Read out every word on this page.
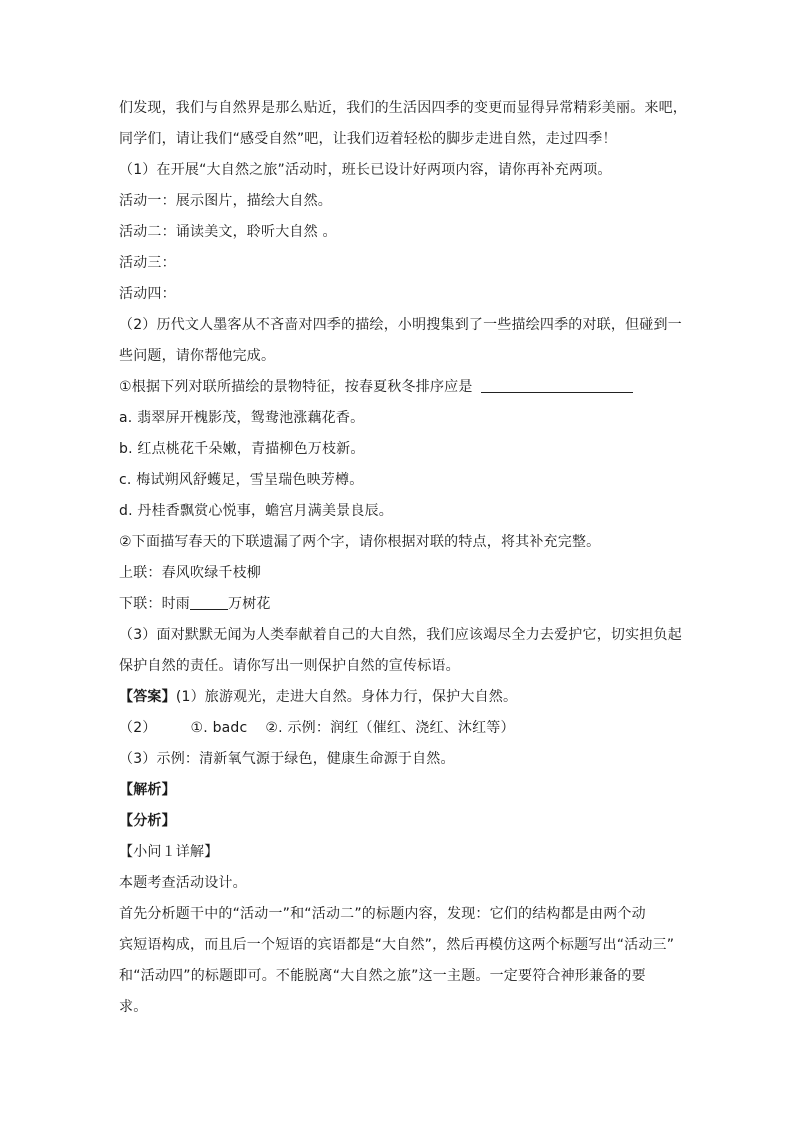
们发现，我们与自然界是那么贴近，我们的生活因四季的变更而显得异常精彩美丽。来吧，
同学们，请让我们“感受自然”吧，让我们迈着轻松的脚步走进自然，走过四季！
（1）在开展“大自然之旅”活动时，班长已设计好两项内容，请你再补充两项。
活动一：展示图片，描绘大自然。
活动二：诵读美文，聆听大自然 。
活动三：
活动四：
（2）历代文人墨客从不吝啬对四季的描绘，小明搜集到了一些描绘四季的对联，但碰到一
些问题，请你帮他完成。
①根据下列对联所描绘的景物特征，按春夏秋冬排序应是
a. 翡翠屏开槐影茂，鸳鸯池涨藕花香。
b. 红点桃花千朵嫩，青描柳色万枝新。
c. 梅试朔风舒蠖足，雪呈瑞色映芳樽。
d. 丹桂香飘赏心悦事，蟾宫月满美景良辰。
②下面描写春天的下联遗漏了两个字，请你根据对联的特点，将其补充完整。
上联：春风吹绿千枝柳
下联：时雨	万树花
（3）面对默默无闻为人类奉献着自己的大自然，我们应该竭尽全力去爱护它，切实担负起
保护自然的责任。请你写出一则保护自然的宣传标语。
【答案】(1）旅游观光，走进大自然。身体力行，保护大自然。
（2） ①. badc ②. 示例：润红（催红、浇红、沐红等）
（3）示例：清新氧气源于绿色，健康生命源于自然。
【解析】
【分析】
【小问１详解】
本题考查活动设计。
首先分析题干中的“活动一”和“活动二”的标题内容，发现：它们的结构都是由两个动
宾短语构成，而且后一个短语的宾语都是“大自然”，然后再模仿这两个标题写出“活动三”
和“活动四”的标题即可。不能脱离“大自然之旅”这一主题。一定要符合神形兼备的要
求。
